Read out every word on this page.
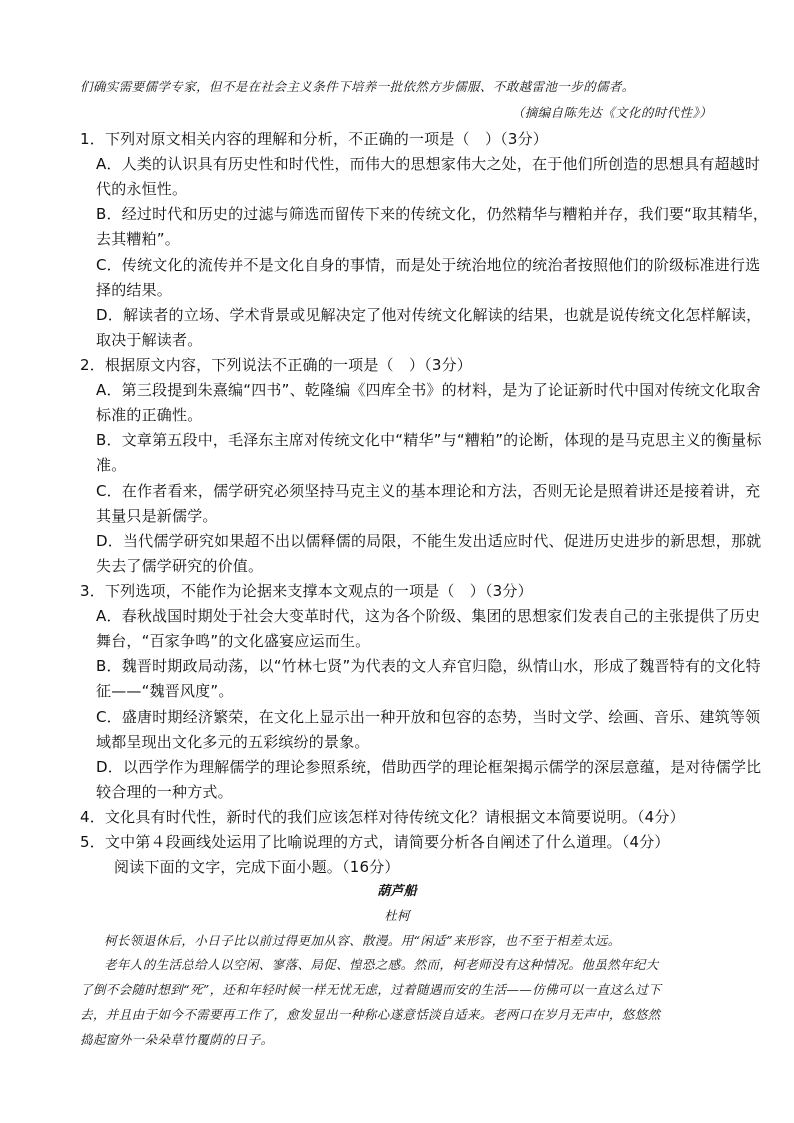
们确实需要儒学专家，但不是在社会主义条件下培养一批依然方步儒服、不敢越雷池一步的儒者。
（摘编自陈先达《文化的时代性》）
1．下列对原文相关内容的理解和分析，不正确的一项是（　）（3分）
A．人类的认识具有历史性和时代性，而伟大的思想家伟大之处，在于他们所创造的思想具有超越时
代的永恒性。
B．经过时代和历史的过滤与筛选而留传下来的传统文化，仍然精华与糟粕并存，我们要“取其精华，
去其糟粕”。
C．传统文化的流传并不是文化自身的事情，而是处于统治地位的统治者按照他们的阶级标准进行选
择的结果。
D．解读者的立场、学术背景或见解决定了他对传统文化解读的结果，也就是说传统文化怎样解读，
取决于解读者。
2．根据原文内容，下列说法不正确的一项是（　）（3分）
A．第三段提到朱熹编“四书”、乾隆编《四库全书》的材料，是为了论证新时代中国对传统文化取舍
标准的正确性。
B．文章第五段中，毛泽东主席对传统文化中“精华”与“糟粕”的论断，体现的是马克思主义的衡量标
准。
C．在作者看来，儒学研究必须坚持马克主义的基本理论和方法，否则无论是照着讲还是接着讲，充
其量只是新儒学。
D．当代儒学研究如果超不出以儒释儒的局限，不能生发出适应时代、促进历史进步的新思想，那就
失去了儒学研究的价值。
3．下列选项，不能作为论据来支撑本文观点的一项是（　）（3分）
A．春秋战国时期处于社会大变革时代，这为各个阶级、集团的思想家们发表自己的主张提供了历史
舞台，“百家争鸣”的文化盛宴应运而生。
B．魏晋时期政局动荡，以“竹林七贤”为代表的文人弃官归隐，纵情山水，形成了魏晋特有的文化特
征——“魏晋风度”。
C．盛唐时期经济繁荣，在文化上显示出一种开放和包容的态势，当时文学、绘画、音乐、建筑等领
域都呈现出文化多元的五彩缤纷的景象。
D．以西学作为理解儒学的理论参照系统，借助西学的理论框架揭示儒学的深层意蕴，是对待儒学比
较合理的一种方式。
4．文化具有时代性，新时代的我们应该怎样对待传统文化？请根据文本简要说明。（4分）
5．文中第４段画线处运用了比喻说理的方式，请简要分析各自阐述了什么道理。（4分）
阅读下面的文字，完成下面小题。（16分）
葫芦船
杜柯
柯长领退休后，小日子比以前过得更加从容、散漫。用“闲适”来形容，也不至于相差太远。
老年人的生活总给人以空闲、寥落、局促、惶恐之感。然而，柯老师没有这种情况。他虽然年纪大
了倒不会随时想到“死”，还和年轻时候一样无忧无虑，过着随遇而安的生活——仿佛可以一直这么过下
去，并且由于如今不需要再工作了，愈发显出一种称心遂意恬淡自适来。老两口在岁月无声中，悠悠然
捣起窗外一朵朵草竹覆荫的日子。
